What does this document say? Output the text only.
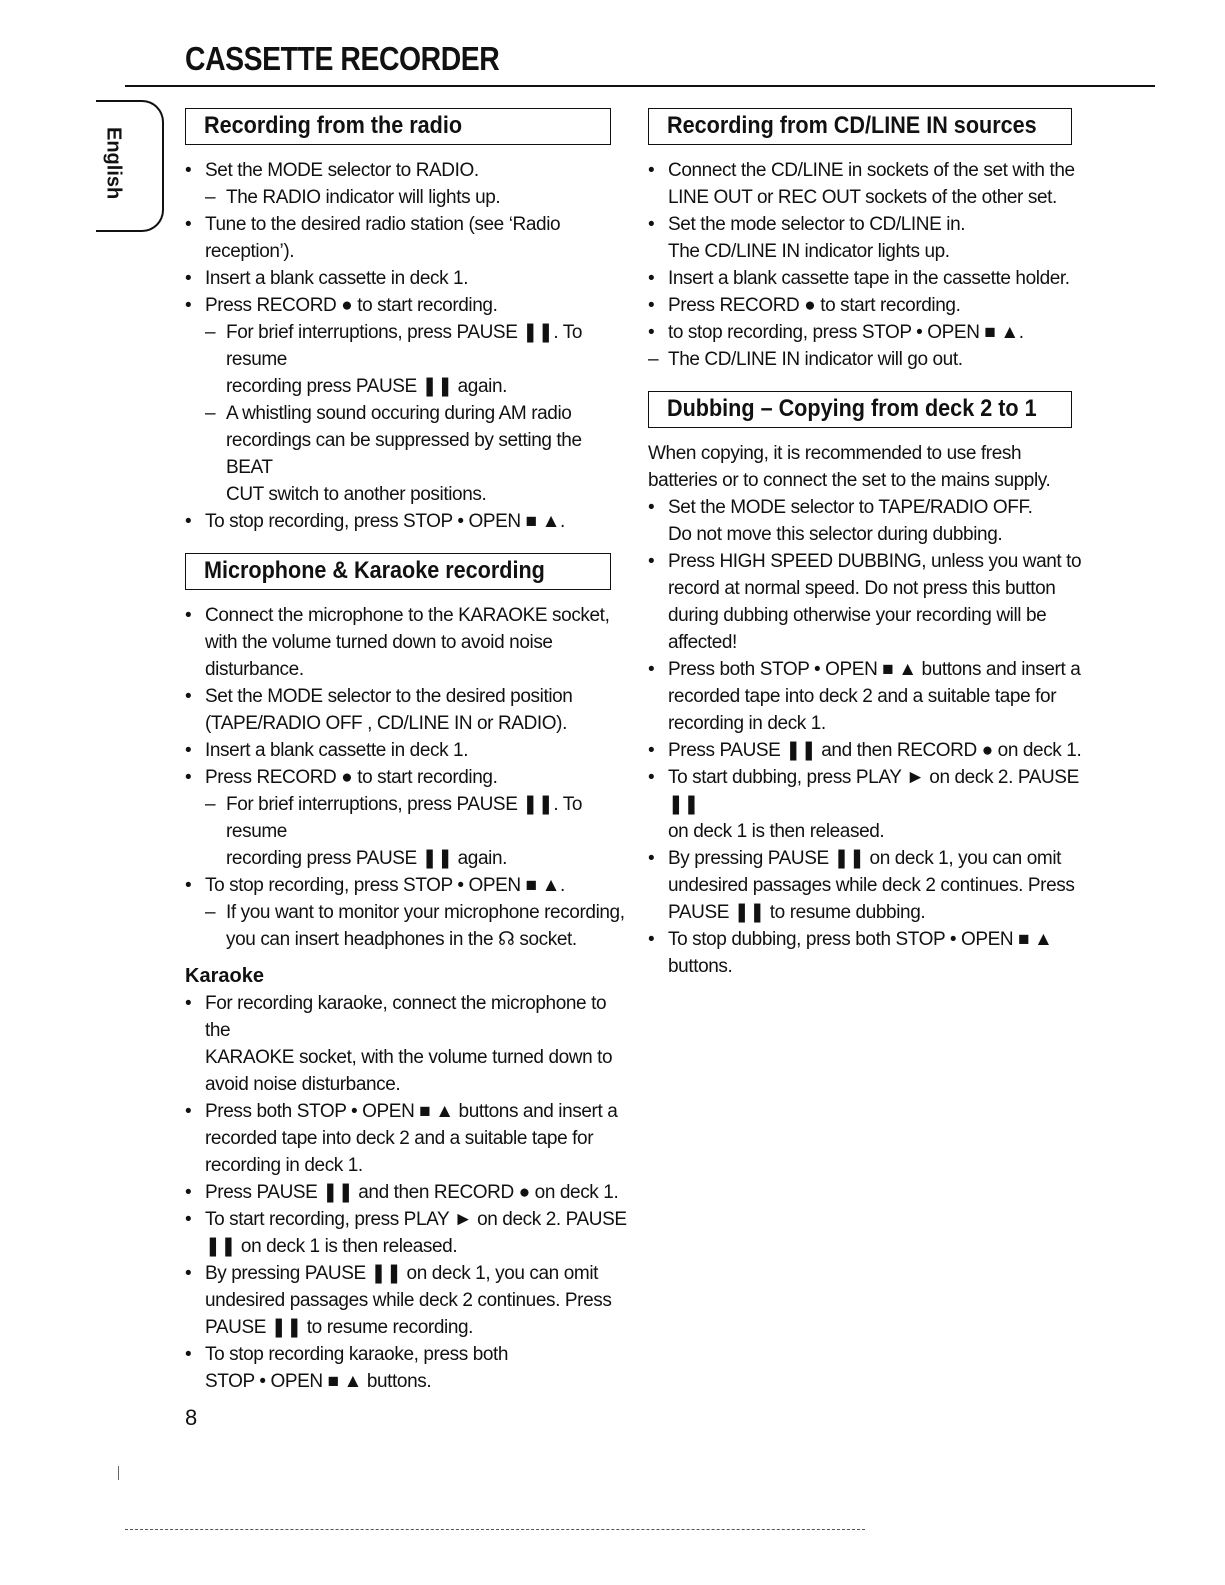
CASSETTE RECORDER
English
Recording from the radio
• Set the MODE selector to RADIO.
– The RADIO indicator will lights up.
• Tune to the desired radio station (see ‘Radio
reception’).
• Insert a blank cassette in deck 1.
• Press RECORD ● to start recording.
– For brief interruptions, press PAUSE ❚❚. To resume
recording press PAUSE ❚❚ again.
– A whistling sound occuring during AM radio
recordings can be suppressed by setting the BEAT
CUT switch to another positions.
• To stop recording, press STOP • OPEN ■ ▲.
Microphone & Karaoke recording
• Connect the microphone to the KARAOKE socket,
with the volume turned down to avoid noise
disturbance.
• Set the MODE selector to the desired position
(TAPE/RADIO OFF , CD/LINE IN or RADIO).
• Insert a blank cassette in deck 1.
• Press RECORD ● to start recording.
– For brief interruptions, press PAUSE ❚❚. To resume
recording press PAUSE ❚❚ again.
• To stop recording, press STOP • OPEN ■ ▲.
– If you want to monitor your microphone recording,
you can insert headphones in the ☊ socket.
Karaoke
• For recording karaoke, connect the microphone to the
KARAOKE socket, with the volume turned down to
avoid noise disturbance.
• Press both STOP • OPEN ■ ▲ buttons and insert a
recorded tape into deck 2 and a suitable tape for
recording in deck 1.
• Press PAUSE ❚❚ and then RECORD ● on deck 1.
• To start recording, press PLAY ► on deck 2. PAUSE
❚❚ on deck 1 is then released.
• By pressing PAUSE ❚❚ on deck 1, you can omit
undesired passages while deck 2 continues. Press
PAUSE ❚❚ to resume recording.
• To stop recording karaoke, press both
STOP • OPEN ■ ▲ buttons.
Recording from CD/LINE IN sources
• Connect the CD/LINE in sockets of the set with the
LINE OUT or REC OUT sockets of the other set.
• Set the mode selector to CD/LINE in.
The CD/LINE IN indicator lights up.
• Insert a blank cassette tape in the cassette holder.
• Press RECORD ● to start recording.
• to stop recording, press STOP • OPEN ■ ▲.
– The CD/LINE IN indicator will go out.
Dubbing – Copying from deck 2 to 1

When copying, it is recommended to use fresh

batteries or to connect the set to the mains supply.

• Set the MODE selector to TAPE/RADIO OFF.
Do not move this selector during dubbing.
• Press HIGH SPEED DUBBING, unless you want to
record at normal speed. Do not press this button
during dubbing otherwise your recording will be
affected!
• Press both STOP • OPEN ■ ▲ buttons and insert a
recorded tape into deck 2 and a suitable tape for
recording in deck 1.
• Press PAUSE ❚❚ and then RECORD ● on deck 1.
• To start dubbing, press PLAY ► on deck 2. PAUSE ❚❚
on deck 1 is then released.
• By pressing PAUSE ❚❚ on deck 1, you can omit
undesired passages while deck 2 continues. Press
PAUSE ❚❚ to resume dubbing.
• To stop dubbing, press both STOP • OPEN ■ ▲
buttons.
8
